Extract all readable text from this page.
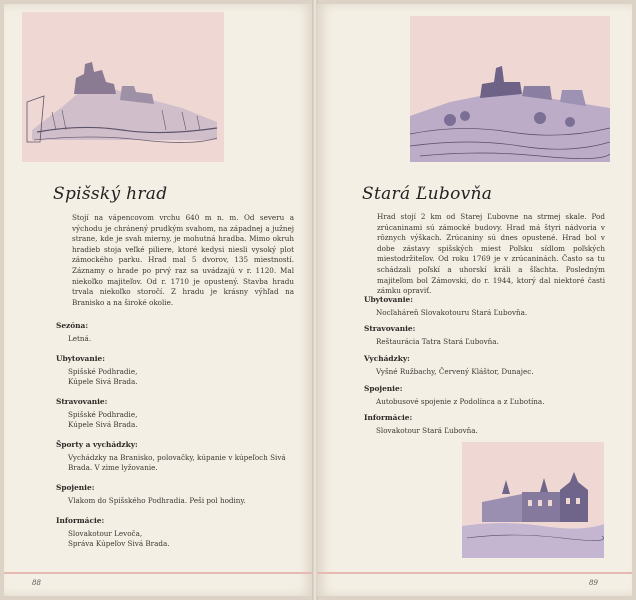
Spišský hrad
Stojí na vápencovom vrchu 640 m n. m. Od severu a východu je chránený prudkým svahom, na západnej a južnej strane, kde je svah mierny, je mohutná hradba. Mimo okruh hradieb stoja veľké piliere, ktoré kedysi niesli vysoký plot zámockého parku. Hrad mal 5 dvorov, 135 miestností. Záznamy o hrade po prvý raz sa uvádzajú v r. 1120. Mal niekoľko majiteľov. Od r. 1710 je opustený. Stavba hradu trvala niekoľko storočí. Z hradu je krásny výhľad na Branisko a na široké okolie.
Sezóna:
Letná.
Ubytovanie:
Spišské Podhradie,
Kúpele Sivá Brada.
Stravovanie:
Spišské Podhradie,
Kúpele Sivá Brada.
Športy a vychádzky:
Vychádzky na Branisko, polovačky, kúpanie v kúpeľoch Sivá Brada. V zime lyžovanie.
Spojenie:
Vlakom do Spišského Podhradia. Peši pol hodiny.
Informácie:
Slovakotour Levoča,
Správa Kúpeľov Sivá Brada.
88
Stará Ľubovňa
Hrad stojí 2 km od Starej Ľubovne na strmej skale. Pod zrúcaninami sú zámocké budovy. Hrad má štyri nádvoria v rôznych výškach. Zrúcaniny sú dnes opustené. Hrad bol v dobe zástavy spišských miest Poľsku sídlom poľských miestodržiteľov. Od roku 1769 je v zrúcaninách. Často sa tu schádzali poľskí a uhorskí králi a šľachta. Posledným majiteľom bol Zámovski, do r. 1944, ktorý dal niektoré časti zámku opraviť.
Ubytovanie:
Nocľaháreň Slovakotouru Stará Ľubovňa.
Stravovanie:
Reštaurácia Tatra Stará Ľubovňa.
Vychádzky:
Vyšné Ružbachy, Červený Kláštor, Dunajec.
Spojenie:
Autobusové spojenie z Podolínca a z Ľubotína.
Informácie:
Slovakotour Stará Ľubovňa.
89
